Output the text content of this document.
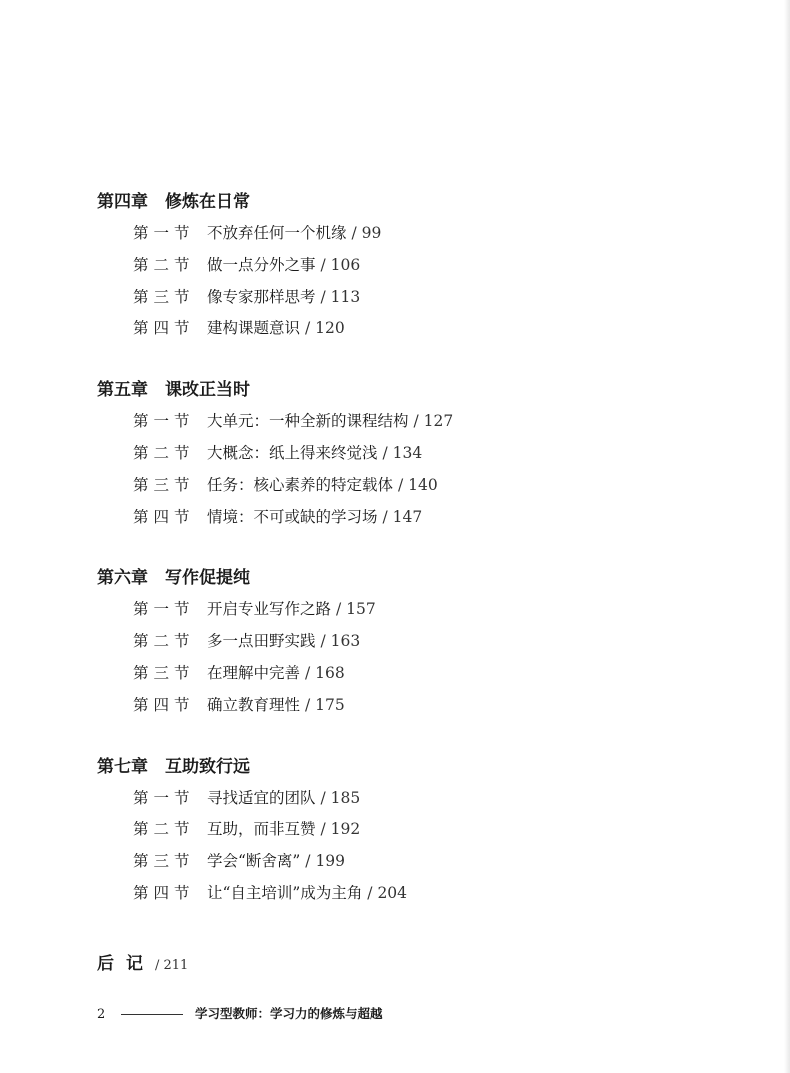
第四章 修炼在日常
第一节 不放弃任何一个机缘 / 99
第二节 做一点分外之事 / 106
第三节 像专家那样思考 / 113
第四节 建构课题意识 / 120
第五章 课改正当时
第一节 大单元：一种全新的课程结构 / 127
第二节 大概念：纸上得来终觉浅 / 134
第三节 任务：核心素养的特定载体 / 140
第四节 情境：不可或缺的学习场 / 147
第六章 写作促提纯
第一节 开启专业写作之路 / 157
第二节 多一点田野实践 / 163
第三节 在理解中完善 / 168
第四节 确立教育理性 / 175
第七章 互助致行远
第一节 寻找适宜的团队 / 185
第二节 互助，而非互赞 / 192
第三节 学会“断舍离” / 199
第四节 让“自主培训”成为主角 / 204
后记/ 211
2	学习型教师：学习力的修炼与超越
